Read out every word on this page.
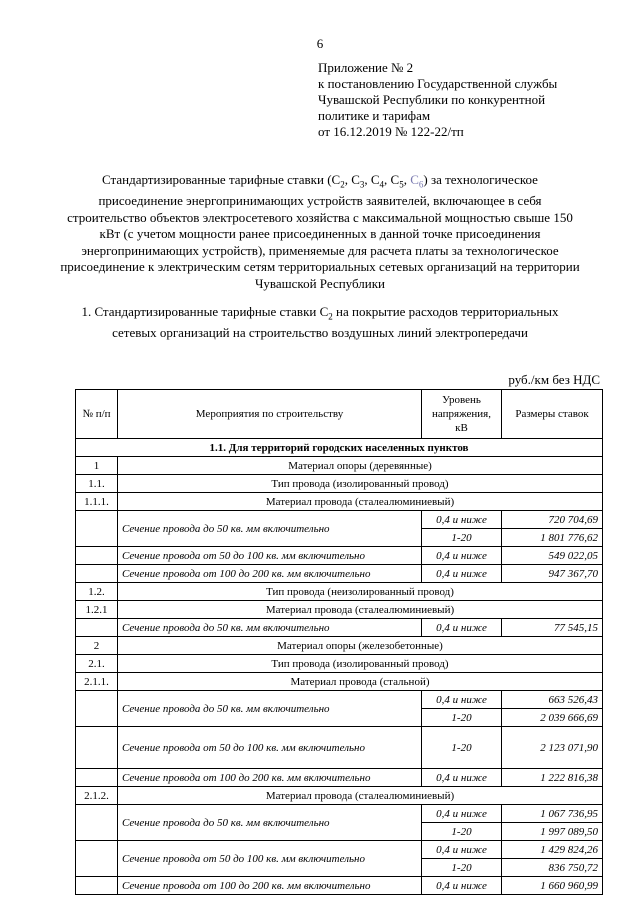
6
Приложение № 2
к постановлению Государственной службы
Чувашской Республики по конкурентной
политике и тарифам
от 16.12.2019 № 122-22/тп
Стандартизированные тарифные ставки ($С_2$, $С_3$, $С_4$, $С_5$, $С_6$) за технологическое присоединение энергопринимающих устройств заявителей, включающее в себя строительство объектов электросетевого хозяйства с максимальной мощностью свыше 150 кВт (с учетом мощности ранее присоединенных в данной точке присоединения энергопринимающих устройств), применяемые для расчета платы за технологическое присоединение к электрическим сетям территориальных сетевых организаций на территории Чувашской Республики
1. Стандартизированные тарифные ставки $С_2$ на покрытие расходов территориальных сетевых организаций на строительство воздушных линий электропередачи
руб./км без НДС
№ п/п	Мероприятия по строительству	Уровень напряжения, кВ	Размеры ставок
1.1. Для территорий городских населенных пунктов			
1	Материал опоры (деревянные)		
1.1.	Тип провода (изолированный провод)		
1.1.1.	Материал провода (сталеалюминиевый)		
	Сечение провода до 50 кв. мм включительно	0,4 и ниже	720 704,69
		1-20	1 801 776,62
	Сечение провода от 50 до 100 кв. мм включительно	0,4 и ниже	549 022,05
	Сечение провода от 100 до 200 кв. мм включительно	0,4 и ниже	947 367,70
1.2.	Тип провода (неизолированный провод)		
1.2.1	Материал провода (сталеалюминиевый)		
	Сечение провода до 50 кв. мм включительно	0,4 и ниже	77 545,15
2	Материал опоры (железобетонные)		
2.1.	Тип провода (изолированный провод)		
2.1.1.	Материал провода (стальной)		
	Сечение провода до 50 кв. мм включительно	0,4 и ниже	663 526,43
		1-20	2 039 666,69
	Сечение провода от 50 до 100 кв. мм включительно	1-20	2 123 071,90
	Сечение провода от 100 до 200 кв. мм включительно	0,4 и ниже	1 222 816,38
2.1.2.	Материал провода (сталеалюминиевый)		
	Сечение провода до 50 кв. мм включительно	0,4 и ниже	1 067 736,95
		1-20	1 997 089,50
	Сечение провода от 50 до 100 кв. мм включительно	0,4 и ниже	1 429 824,26
		1-20	836 750,72
	Сечение провода от 100 до 200 кв. мм включительно	0,4 и ниже	1 660 960,99
